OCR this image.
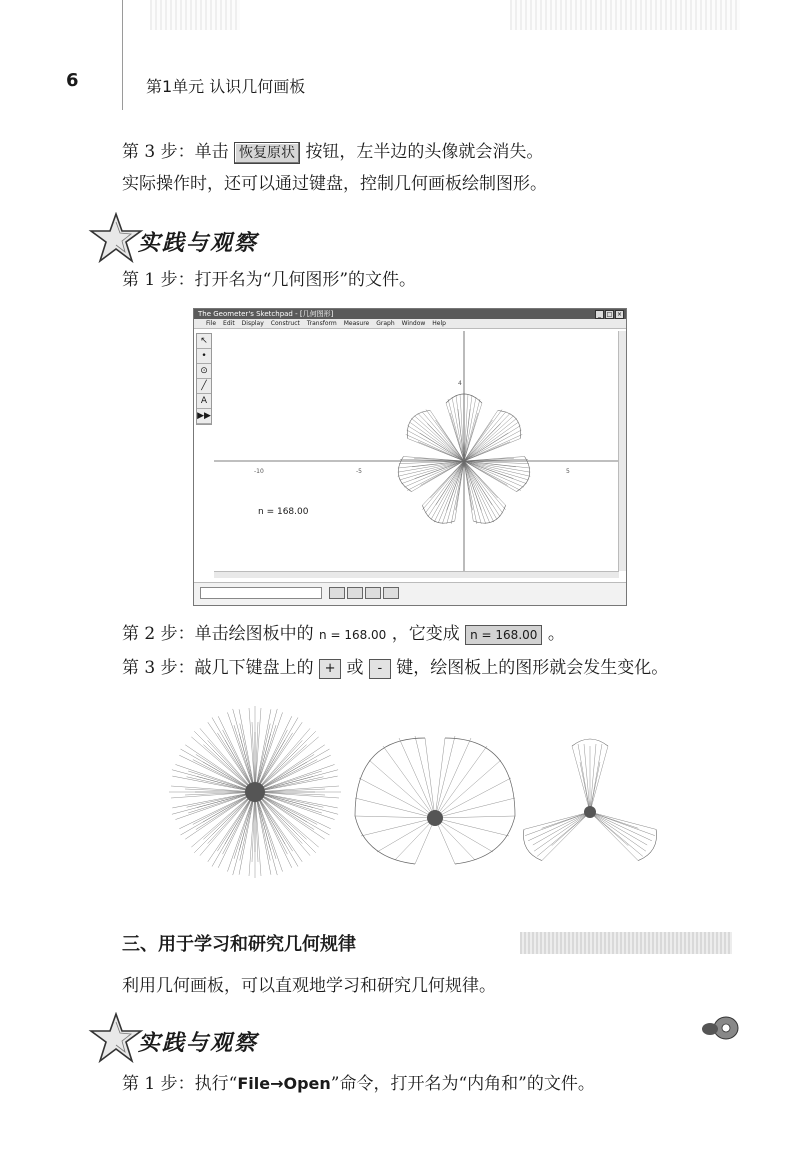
6	第1单元 认识几何画板
第 3 步：单击 恢复原状 按钮，左半边的头像就会消失。
实际操作时，还可以通过键盘，控制几何画板绘制图形。
实践与观察
第 1 步：打开名为“几何图形”的文件。
The Geometer's Sketchpad - [几何图形]	_ □ ×
File Edit Display Construct Transform Measure Graph Window Help
↖
•
⊙
╱
A
▶▶
-10	-5	5
4
n = 168.00
第 2 步：单击绘图板中的 n = 168.00 ，它变成 n = 168.00 。
第 3 步：敲几下键盘上的 + 或 - 键，绘图板上的图形就会发生变化。
三、用于学习和研究几何规律
利用几何画板，可以直观地学习和研究几何规律。
实践与观察
第 1 步：执行“File→Open”命令，打开名为“内角和”的文件。
